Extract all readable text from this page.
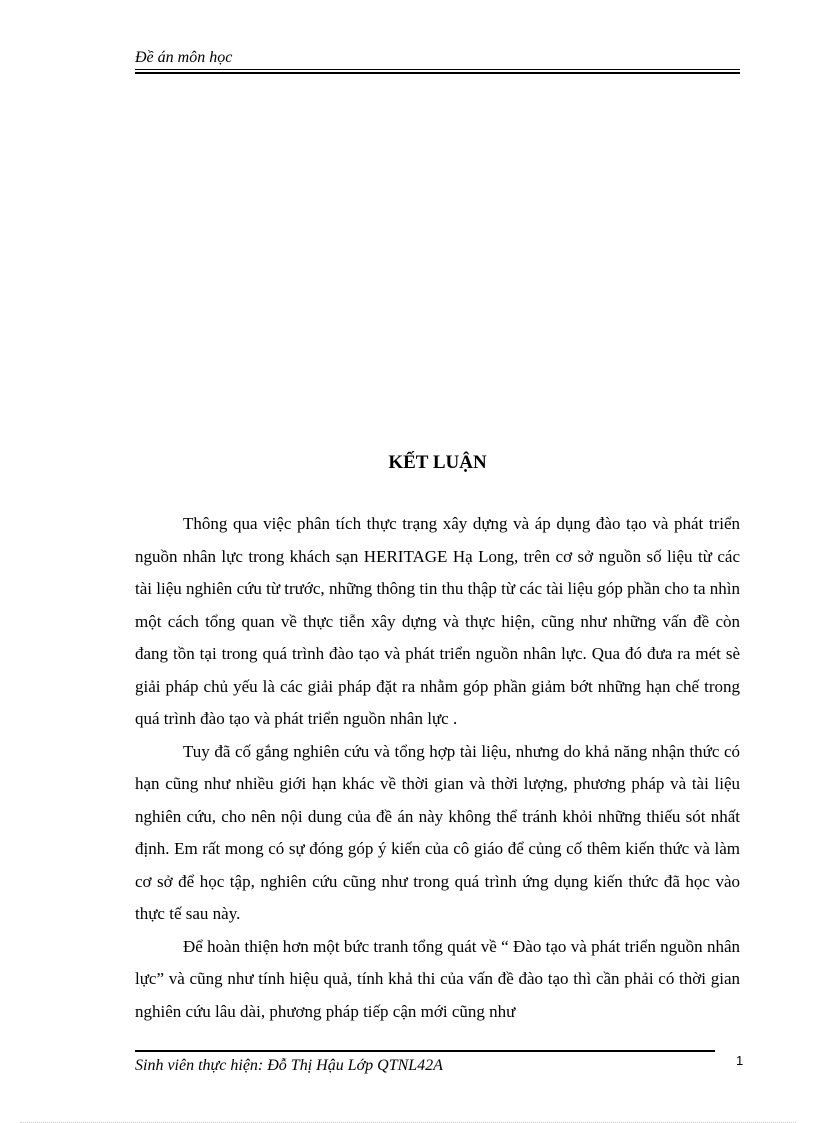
Đề án môn học
KẾT LUẬN

Thông qua việc phân tích thực trạng xây dựng và áp dụng đào tạo và phát triển nguồn nhân lực trong khách sạn HERITAGE Hạ Long, trên cơ sở nguồn số liệu từ các tài liệu nghiên cứu từ trước, những thông tin thu thập từ các tài liệu góp phần cho ta nhìn một cách tổng quan về thực tiễn xây dựng và thực hiện, cũng như những vấn đề còn đang tồn tại trong quá trình đào tạo và phát triển nguồn nhân lực. Qua đó đưa ra mét sè giải pháp chủ yếu là các giải pháp đặt ra nhằm góp phần giảm bớt những hạn chế trong quá trình đào tạo và phát triển nguồn nhân lực .

Tuy đã cố gắng nghiên cứu và tổng hợp tài liệu, nhưng do khả năng nhận thức có hạn cũng như nhiều giới hạn khác về thời gian và thời lượng, phương pháp và tài liệu nghiên cứu, cho nên nội dung của đề án này không thể tránh khỏi những thiếu sót nhất định. Em rất mong có sự đóng góp ý kiến của cô giáo để củng cố thêm kiến thức và làm cơ sở để học tập, nghiên cứu cũng như trong quá trình ứng dụng kiến thức đã học vào thực tế sau này.

Để hoàn thiện hơn một bức tranh tổng quát về “ Đào tạo và phát triển nguồn nhân lực” và cũng như tính hiệu quả, tính khả thi của vấn đề đào tạo thì cần phải có thời gian nghiên cứu lâu dài, phương pháp tiếp cận mới cũng như

Sinh viên thực hiện: Đỗ Thị Hậu Lớp QTNL42A	1
